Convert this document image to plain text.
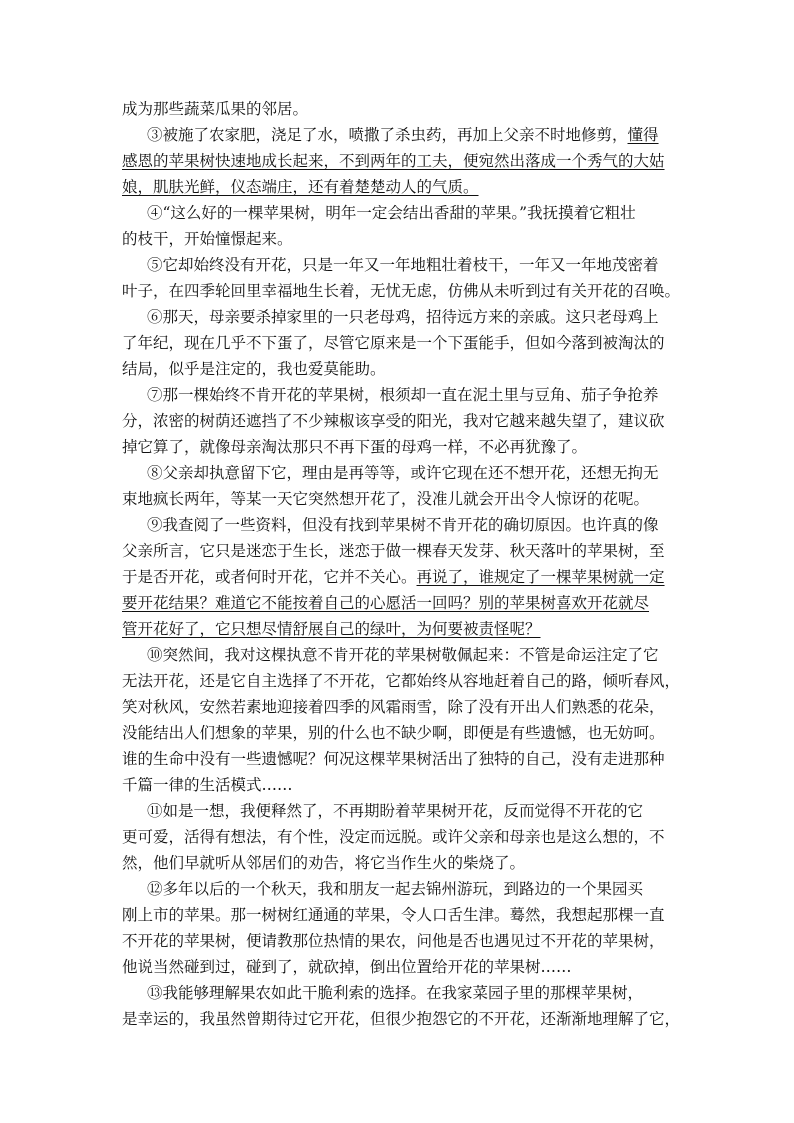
成为那些蔬菜瓜果的邻居。
③被施了农家肥，浇足了水，喷撒了杀虫药，再加上父亲不时地修剪，懂得
感恩的苹果树快速地成长起来，不到两年的工夫，便宛然出落成一个秀气的大姑
娘，肌肤光鲜，仪态端庄，还有着楚楚动人的气质。
④“这么好的一棵苹果树，明年一定会结出香甜的苹果。”我抚摸着它粗壮
的枝干，开始憧憬起来。
⑤它却始终没有开花，只是一年又一年地粗壮着枝干，一年又一年地茂密着
叶子，在四季轮回里幸福地生长着，无忧无虑，仿佛从未听到过有关开花的召唤。
⑥那天，母亲要杀掉家里的一只老母鸡，招待远方来的亲戚。这只老母鸡上
了年纪，现在几乎不下蛋了，尽管它原来是一个下蛋能手，但如今落到被淘汰的
结局，似乎是注定的，我也爱莫能助。
⑦那一棵始终不肯开花的苹果树，根须却一直在泥土里与豆角、茄子争抢养
分，浓密的树荫还遮挡了不少辣椒该享受的阳光，我对它越来越失望了，建议砍
掉它算了，就像母亲淘汰那只不再下蛋的母鸡一样，不必再犹豫了。
⑧父亲却执意留下它，理由是再等等，或许它现在还不想开花，还想无拘无
束地疯长两年，等某一天它突然想开花了，没准儿就会开出令人惊讶的花呢。
⑨我查阅了一些资料，但没有找到苹果树不肯开花的确切原因。也许真的像
父亲所言，它只是迷恋于生长，迷恋于做一棵春天发芽、秋天落叶的苹果树，至
于是否开花，或者何时开花，它并不关心。再说了，谁规定了一棵苹果树就一定
要开花结果？难道它不能按着自己的心愿活一回吗？别的苹果树喜欢开花就尽
管开花好了，它只想尽情舒展自己的绿叶，为何要被责怪呢？
⑩突然间，我对这棵执意不肯开花的苹果树敬佩起来：不管是命运注定了它
无法开花，还是它自主选择了不开花，它都始终从容地赶着自己的路，倾听春风，
笑对秋风，安然若素地迎接着四季的风霜雨雪，除了没有开出人们熟悉的花朵，
没能结出人们想象的苹果，别的什么也不缺少啊，即便是有些遗憾，也无妨呵。
谁的生命中没有一些遗憾呢？何况这棵苹果树活出了独特的自己，没有走进那种
千篇一律的生活模式……
⑪如是一想，我便释然了，不再期盼着苹果树开花，反而觉得不开花的它
更可爱，活得有想法，有个性，没定而远脱。或许父亲和母亲也是这么想的，不
然，他们早就听从邻居们的劝告，将它当作生火的柴烧了。
⑫多年以后的一个秋天，我和朋友一起去锦州游玩，到路边的一个果园买
刚上市的苹果。那一树树红通通的苹果，令人口舌生津。蓦然，我想起那棵一直
不开花的苹果树，便请教那位热情的果农，问他是否也遇见过不开花的苹果树，
他说当然碰到过，碰到了，就砍掉，倒出位置给开花的苹果树……
⑬我能够理解果农如此干脆利索的选择。在我家菜园子里的那棵苹果树，
是幸运的，我虽然曾期待过它开花，但很少抱怨它的不开花，还渐渐地理解了它，
